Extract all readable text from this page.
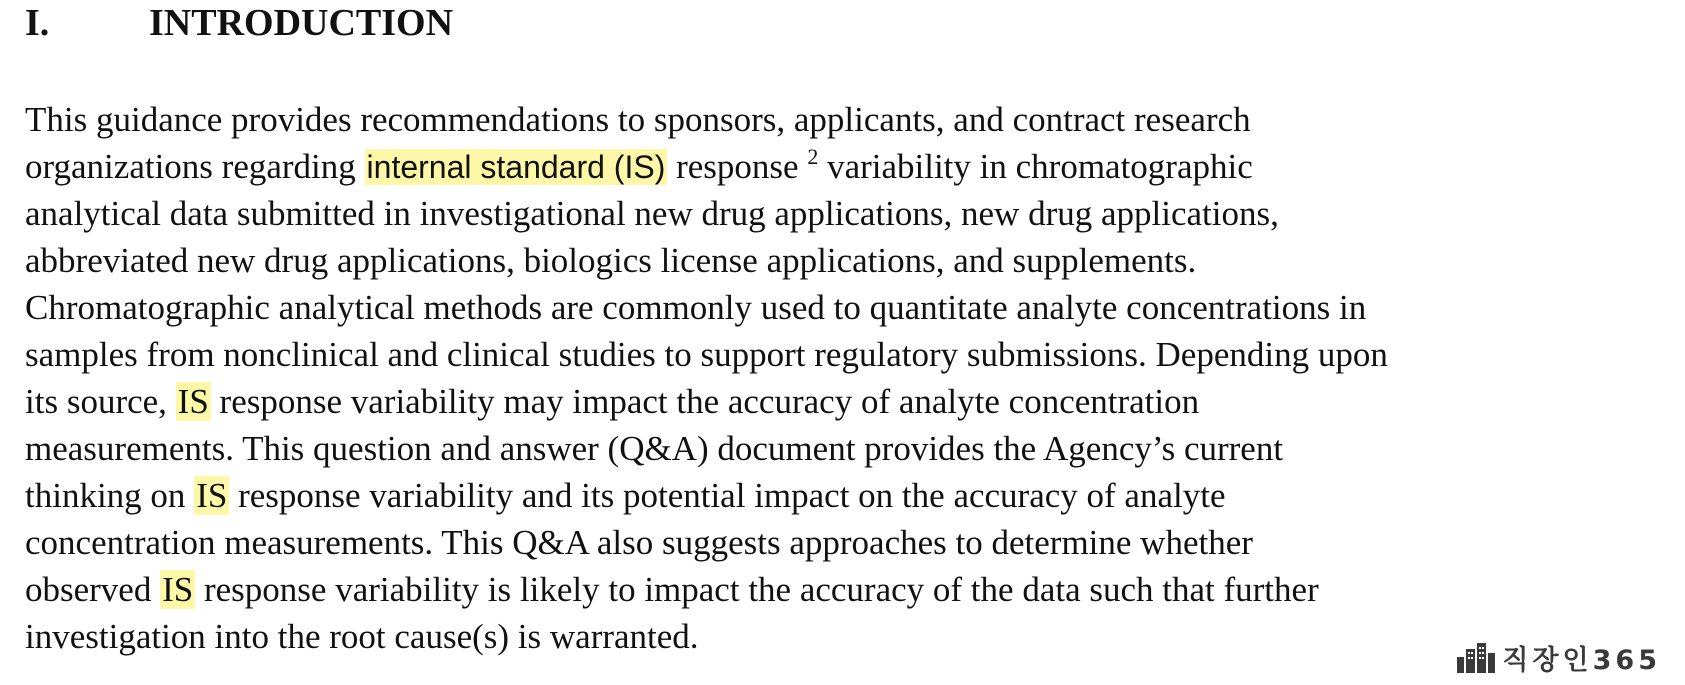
I.	INTRODUCTION
This guidance provides recommendations to sponsors, applicants, and contract research
organizations regarding internal standard (IS) response $^2$ variability in chromatographic
analytical data submitted in investigational new drug applications, new drug applications,
abbreviated new drug applications, biologics license applications, and supplements.
Chromatographic analytical methods are commonly used to quantitate analyte concentrations in
samples from nonclinical and clinical studies to support regulatory submissions. Depending upon
its source, IS response variability may impact the accuracy of analyte concentration
measurements. This question and answer (Q&A) document provides the Agency’s current
thinking on IS response variability and its potential impact on the accuracy of analyte
concentration measurements. This Q&A also suggests approaches to determine whether
observed IS response variability is likely to impact the accuracy of the data such that further
investigation into the root cause(s) is warranted.
직장인365
